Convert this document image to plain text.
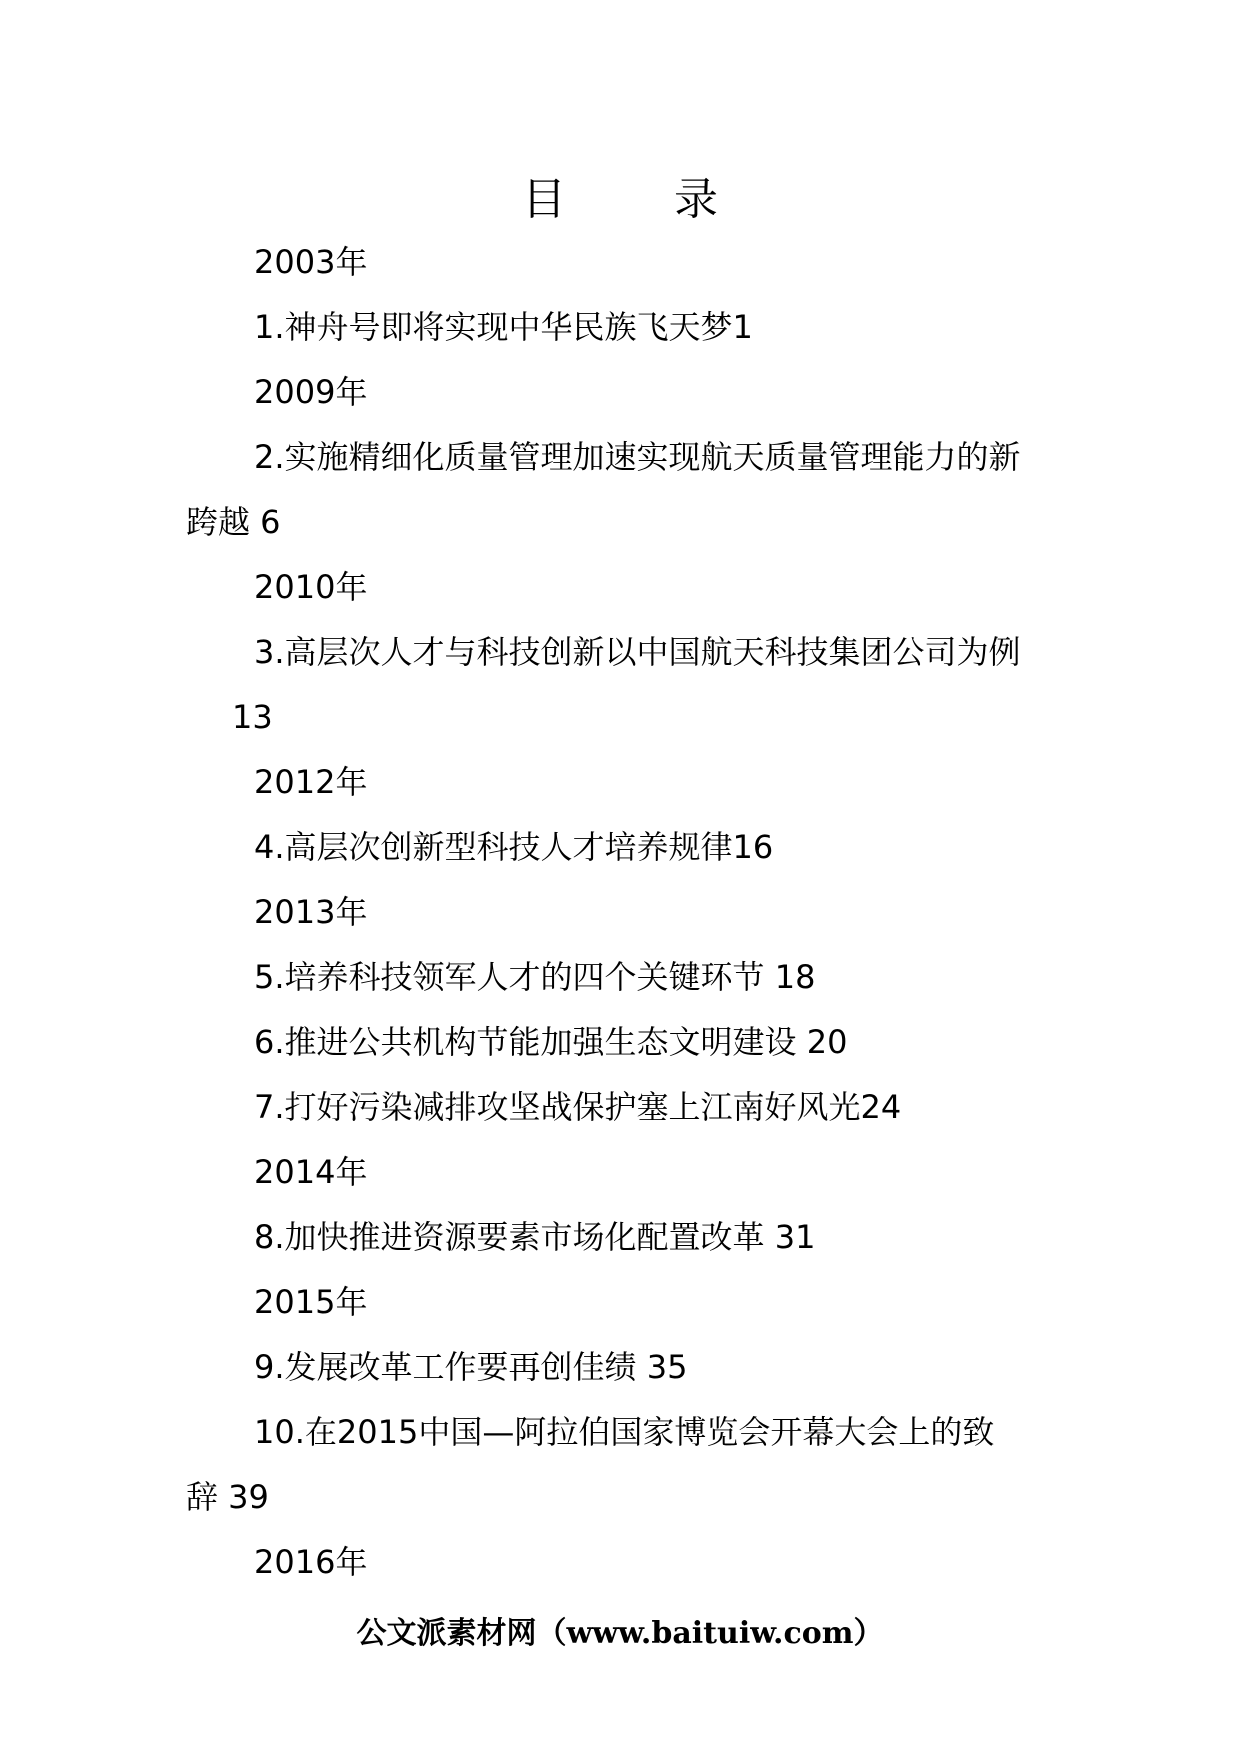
目　录
2003年
1.神舟号即将实现中华民族飞天梦1
2009年
2.实施精细化质量管理加速实现航天质量管理能力的新
跨越 6
2010年
3.高层次人才与科技创新以中国航天科技集团公司为例
13
2012年
4.高层次创新型科技人才培养规律16
2013年
5.培养科技领军人才的四个关键环节 18
6.推进公共机构节能加强生态文明建设 20
7.打好污染减排攻坚战保护塞上江南好风光24
2014年
8.加快推进资源要素市场化配置改革 31
2015年
9.发展改革工作要再创佳绩 35
10.在2015中国—阿拉伯国家博览会开幕大会上的致
辞 39
2016年
公文派素材网（www.baituiw.com）
